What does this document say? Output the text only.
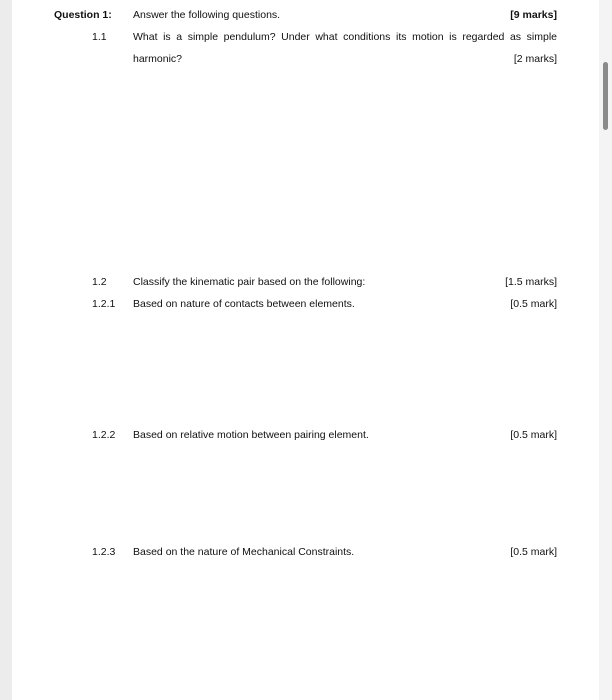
Question 1: Answer the following questions.	[9 marks]
1.1	What is a simple pendulum? Under what conditions its motion is regarded as simple
harmonic?	[2 marks]
1.2	Classify the kinematic pair based on the following:	[1.5 marks]
1.2.1 Based on nature of contacts between elements.	[0.5 mark]
1.2.2 Based on relative motion between pairing element.	[0.5 mark]
1.2.3 Based on the nature of Mechanical Constraints.	[0.5 mark]
